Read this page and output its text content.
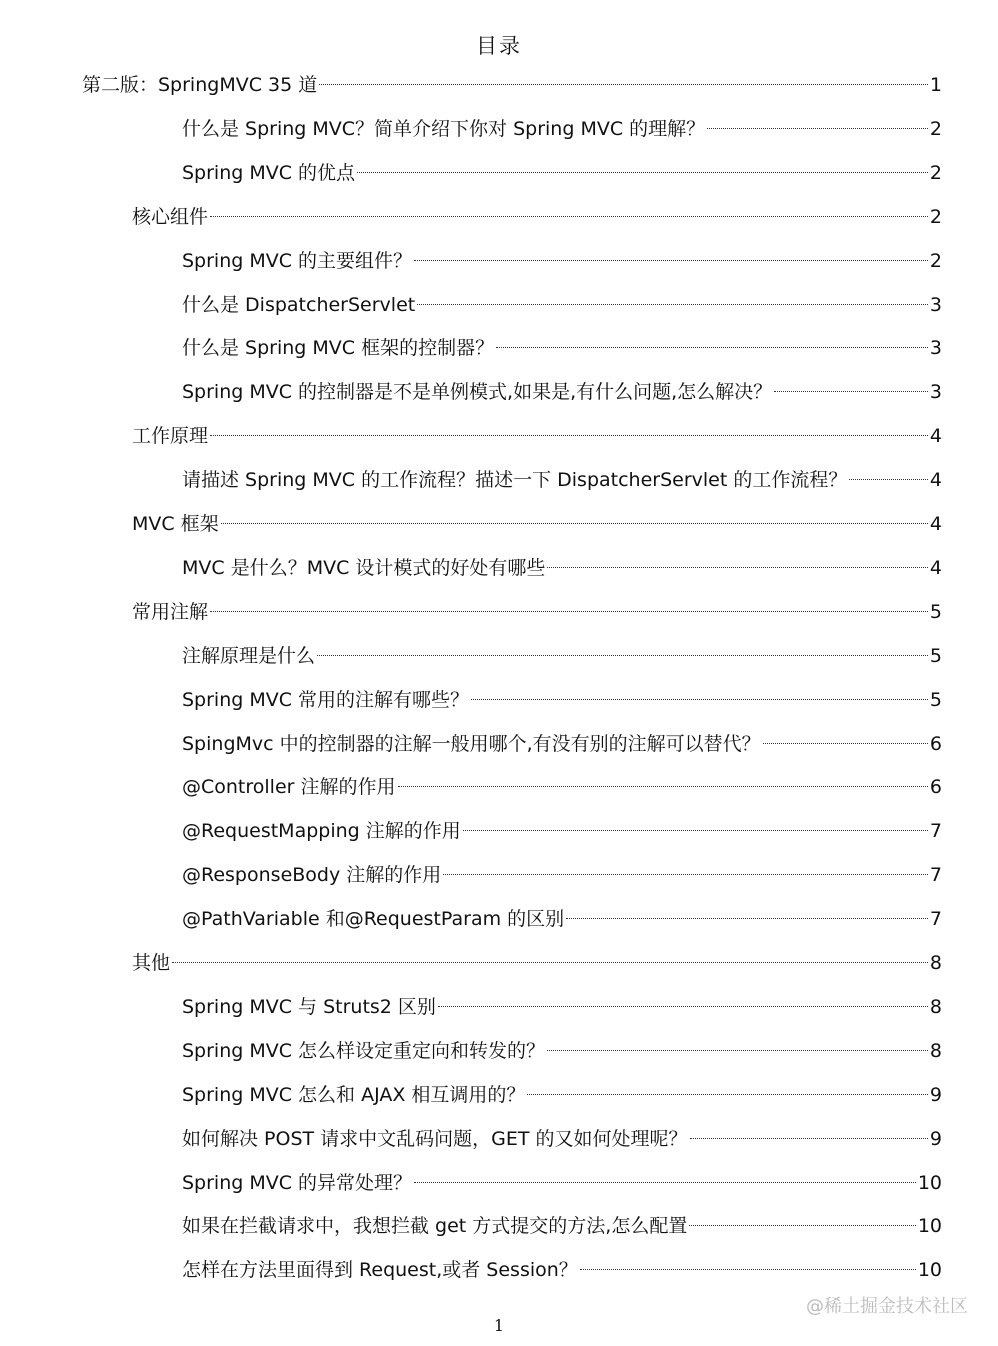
目录
第二版：SpringMVC 35 道	1
什么是 Spring MVC？简单介绍下你对 Spring MVC 的理解？	2
Spring MVC 的优点	2
核心组件	2
Spring MVC 的主要组件？	2
什么是 DispatcherServlet	3
什么是 Spring MVC 框架的控制器？	3
Spring MVC 的控制器是不是单例模式,如果是,有什么问题,怎么解决？	3
工作原理	4
请描述 Spring MVC 的工作流程？描述一下 DispatcherServlet 的工作流程？	4
MVC 框架	4
MVC 是什么？MVC 设计模式的好处有哪些	4
常用注解	5
注解原理是什么	5
Spring MVC 常用的注解有哪些？	5
SpingMvc 中的控制器的注解一般用哪个,有没有别的注解可以替代？	6
@Controller 注解的作用	6
@RequestMapping 注解的作用	7
@ResponseBody 注解的作用	7
@PathVariable 和@RequestParam 的区别	7
其他	8
Spring MVC 与 Struts2 区别	8
Spring MVC 怎么样设定重定向和转发的？	8
Spring MVC 怎么和 AJAX 相互调用的？	9
如何解决 POST 请求中文乱码问题，GET 的又如何处理呢？	9
Spring MVC 的异常处理？	10
如果在拦截请求中，我想拦截 get 方式提交的方法,怎么配置	10
怎样在方法里面得到 Request,或者 Session？	10
1
@稀土掘金技术社区
